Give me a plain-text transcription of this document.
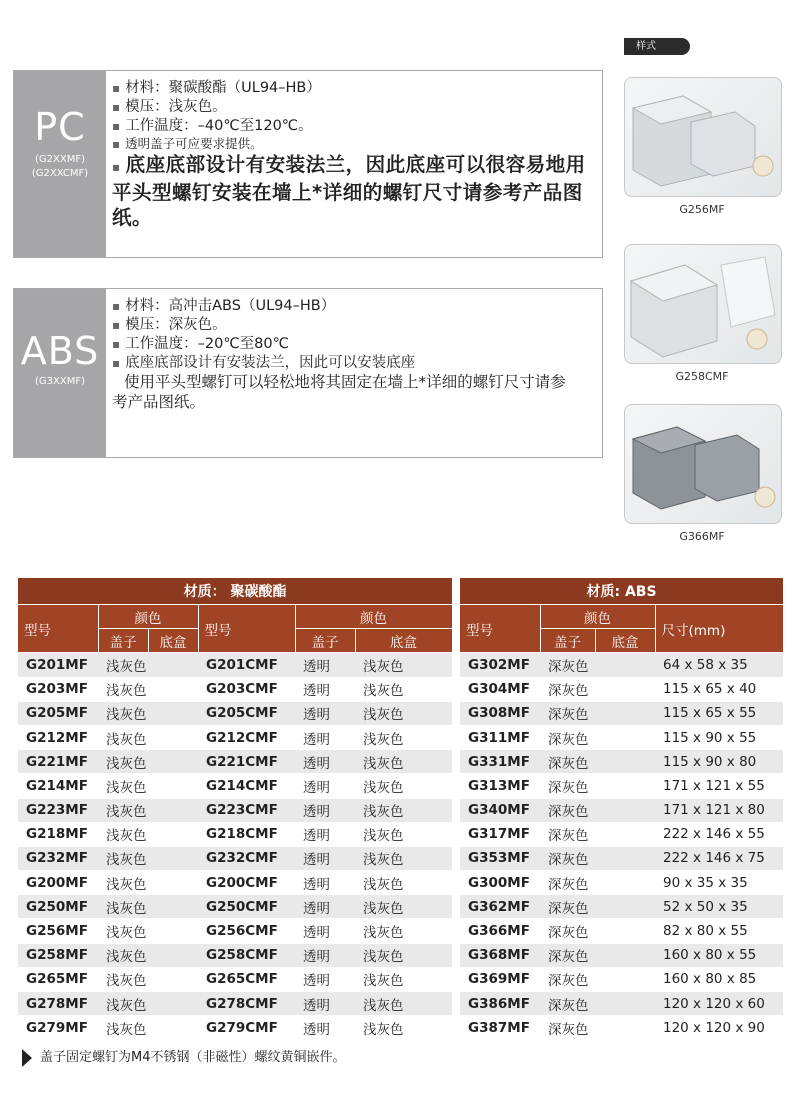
PC
(G2XXMF)
(G2XXCMF)
▪ 材料：聚碳酸酯（UL94–HB）
▪ 模压：浅灰色。
▪ 工作温度：–40℃至120℃。
▪ 透明盖子可应要求提供。
▪ 底座底部设计有安装法兰，因此底座可以很容易地用平头型螺钉安装在墙上*详细的螺钉尺寸请参考产品图纸。
ABS
(G3XXMF)
▪ 材料：高冲击ABS（UL94–HB）
▪ 模压：深灰色。
▪ 工作温度：–20℃至80℃
▪ 底座底部设计有安装法兰，因此可以安装底座
使用平头型螺钉可以轻松地将其固定在墙上*详细的螺钉尺寸请参考产品图纸。
样式
G256MF
G258CMF
G366MF
材质： 聚碳酸酯					
型号	颜色		型号	颜色	
	盖子	底盒		盖子	底盒
G201MF	浅灰色		G201CMF	透明	浅灰色
G203MF	浅灰色		G203CMF	透明	浅灰色
G205MF	浅灰色		G205CMF	透明	浅灰色
G212MF	浅灰色		G212CMF	透明	浅灰色
G221MF	浅灰色		G221CMF	透明	浅灰色
G214MF	浅灰色		G214CMF	透明	浅灰色
G223MF	浅灰色		G223CMF	透明	浅灰色
G218MF	浅灰色		G218CMF	透明	浅灰色
G232MF	浅灰色		G232CMF	透明	浅灰色
G200MF	浅灰色		G200CMF	透明	浅灰色
G250MF	浅灰色		G250CMF	透明	浅灰色
G256MF	浅灰色		G256CMF	透明	浅灰色
G258MF	浅灰色		G258CMF	透明	浅灰色
G265MF	浅灰色		G265CMF	透明	浅灰色
G278MF	浅灰色		G278CMF	透明	浅灰色
G279MF	浅灰色		G279CMF	透明	浅灰色
材质: ABS			
型号	颜色		尺寸(mm)
	盖子	底盒	
G302MF	深灰色		64 x 58 x 35
G304MF	深灰色		115 x 65 x 40
G308MF	深灰色		115 x 65 x 55
G311MF	深灰色		115 x 90 x 55
G331MF	深灰色		115 x 90 x 80
G313MF	深灰色		171 x 121 x 55
G340MF	深灰色		171 x 121 x 80
G317MF	深灰色		222 x 146 x 55
G353MF	深灰色		222 x 146 x 75
G300MF	深灰色		90 x 35 x 35
G362MF	深灰色		52 x 50 x 35
G366MF	深灰色		82 x 80 x 55
G368MF	深灰色		160 x 80 x 55
G369MF	深灰色		160 x 80 x 85
G386MF	深灰色		120 x 120 x 60
G387MF	深灰色		120 x 120 x 90
盖子固定螺钉为M4不锈钢（非磁性）螺纹黄铜嵌件。
